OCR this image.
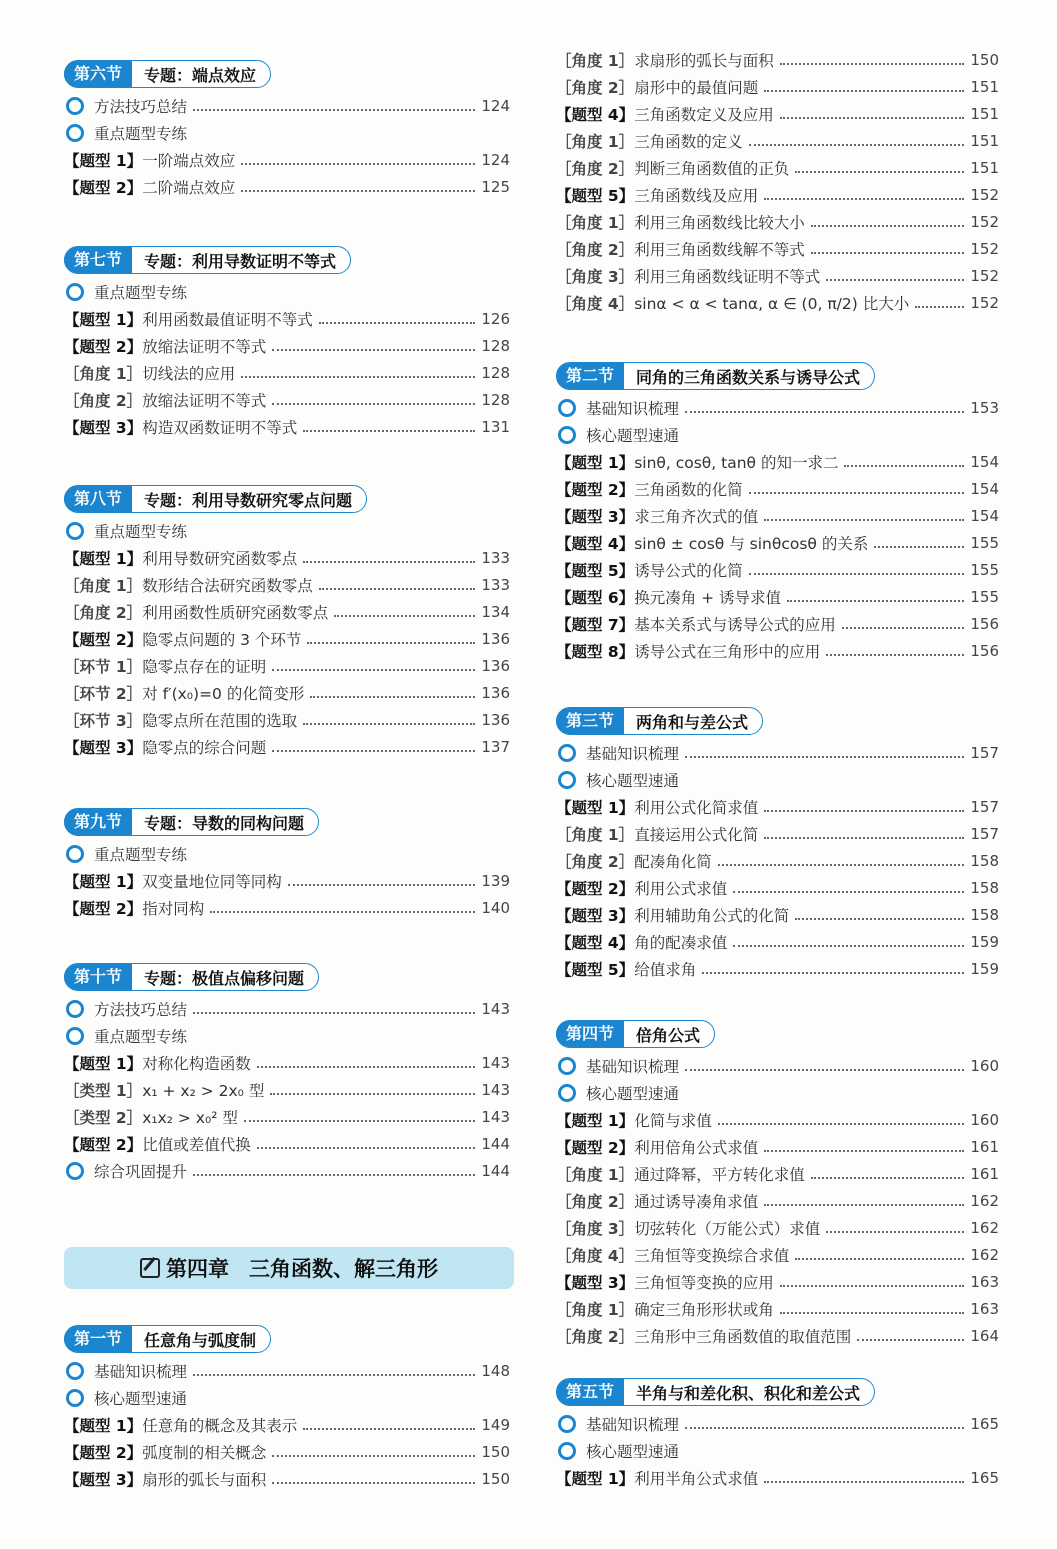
第六节	专题：端点效应
方法技巧总结	124
重点题型专练
【题型 1】 一阶端点效应	124
【题型 2】 二阶端点效应	125
第七节	专题：利用导数证明不等式
重点题型专练
【题型 1】 利用函数最值证明不等式	126
【题型 2】 放缩法证明不等式	128
［角度 1］ 切线法的应用	128
［角度 2］ 放缩法证明不等式	128
【题型 3】 构造双函数证明不等式	131
第八节	专题：利用导数研究零点问题
重点题型专练
【题型 1】 利用导数研究函数零点	133
［角度 1］ 数形结合法研究函数零点	133
［角度 2］ 利用函数性质研究函数零点	134
【题型 2】 隐零点问题的 3 个环节	136
［环节 1］ 隐零点存在的证明	136
［环节 2］ 对 f′(x₀)=0 的化简变形	136
［环节 3］ 隐零点所在范围的选取	136
【题型 3】 隐零点的综合问题	137
第九节	专题：导数的同构问题
重点题型专练
【题型 1】 双变量地位同等同构	139
【题型 2】 指对同构	140
第十节	专题：极值点偏移问题
方法技巧总结	143
重点题型专练
【题型 1】 对称化构造函数	143
［类型 1］ x₁ + x₂ > 2x₀ 型	143
［类型 2］ x₁x₂ > x₀² 型	143
【题型 2】 比值或差值代换	144
综合巩固提升	144
第一节	任意角与弧度制
基础知识梳理	148
核心题型速通
【题型 1】 任意角的概念及其表示	149
【题型 2】 弧度制的相关概念	150
【题型 3】 扇形的弧长与面积	150
第四章 三角函数、解三角形
［角度 1］ 求扇形的弧长与面积	150
［角度 2］ 扇形中的最值问题	151
【题型 4】 三角函数定义及应用	151
［角度 1］ 三角函数的定义	151
［角度 2］ 判断三角函数值的正负	151
【题型 5】 三角函数线及应用	152
［角度 1］ 利用三角函数线比较大小	152
［角度 2］ 利用三角函数线解不等式	152
［角度 3］ 利用三角函数线证明不等式	152
［角度 4］ sinα < α < tanα, α ∈ (0, π/2) 比大小	152
第二节	同角的三角函数关系与诱导公式
基础知识梳理	153
核心题型速通
【题型 1】 sinθ, cosθ, tanθ 的知一求二	154
【题型 2】 三角函数的化简	154
【题型 3】 求三角齐次式的值	154
【题型 4】 sinθ ± cosθ 与 sinθcosθ 的关系	155
【题型 5】 诱导公式的化简	155
【题型 6】 换元凑角 + 诱导求值	155
【题型 7】 基本关系式与诱导公式的应用	156
【题型 8】 诱导公式在三角形中的应用	156
第三节	两角和与差公式
基础知识梳理	157
核心题型速通
【题型 1】 利用公式化简求值	157
［角度 1］ 直接运用公式化简	157
［角度 2］ 配凑角化简	158
【题型 2】 利用公式求值	158
【题型 3】 利用辅助角公式的化简	158
【题型 4】 角的配凑求值	159
【题型 5】 给值求角	159
第四节	倍角公式
基础知识梳理	160
核心题型速通
【题型 1】 化简与求值	160
【题型 2】 利用倍角公式求值	161
［角度 1］ 通过降幂，平方转化求值	161
［角度 2］ 通过诱导凑角求值	162
［角度 3］ 切弦转化（万能公式）求值	162
［角度 4］ 三角恒等变换综合求值	162
【题型 3】 三角恒等变换的应用	163
［角度 1］ 确定三角形形状或角	163
［角度 2］ 三角形中三角函数值的取值范围	164
第五节	半角与和差化积、积化和差公式
基础知识梳理	165
核心题型速通
【题型 1】 利用半角公式求值	165
